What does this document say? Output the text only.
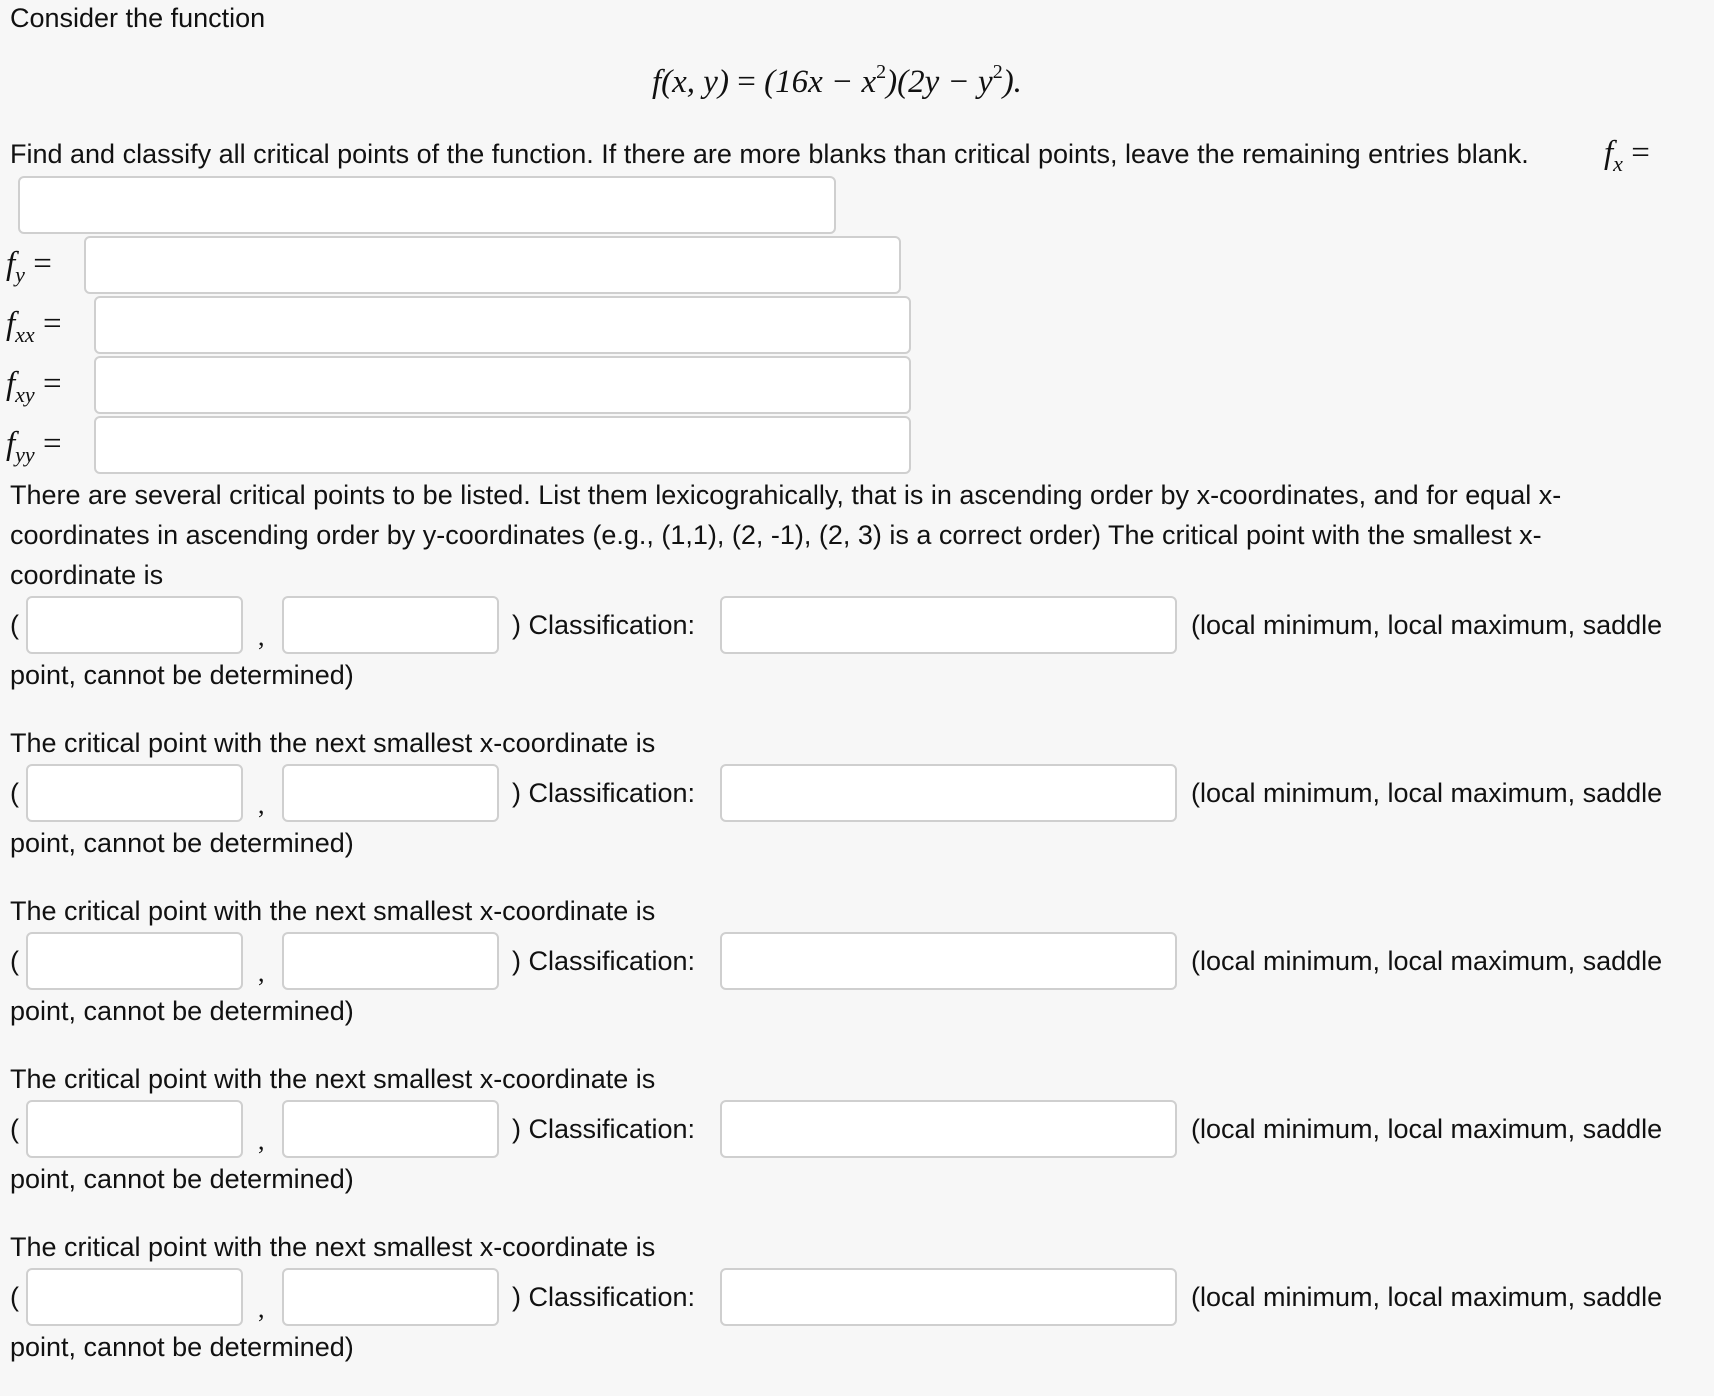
Consider the function
f(x, $y) = (16x - x^2)(2y - y^2)$.
Find and classify all critical points of the function. If there are more blanks than critical points, leave the remaining entries blank. $f_x$ =
$f_y$ =
$f_{xx}$ =
$f_{xy}$ =
$f_{yy}$ =
There are several critical points to be listed. List them lexicograhically, that is in ascending order by x-coordinates, and for equal x-
coordinates in ascending order by y-coordinates (e.g., (1,1), (2, -1), (2, 3) is a correct order) The critical point with the smallest x-
coordinate is
(	,	) Classification:	(local minimum, local maximum, saddle
point, cannot be determined)
The critical point with the next smallest x-coordinate is
(	,	) Classification:	(local minimum, local maximum, saddle
point, cannot be determined)
The critical point with the next smallest x-coordinate is
(	,	) Classification:	(local minimum, local maximum, saddle
point, cannot be determined)
The critical point with the next smallest x-coordinate is
(	,	) Classification:	(local minimum, local maximum, saddle
point, cannot be determined)
The critical point with the next smallest x-coordinate is
(	,	) Classification:	(local minimum, local maximum, saddle
point, cannot be determined)
